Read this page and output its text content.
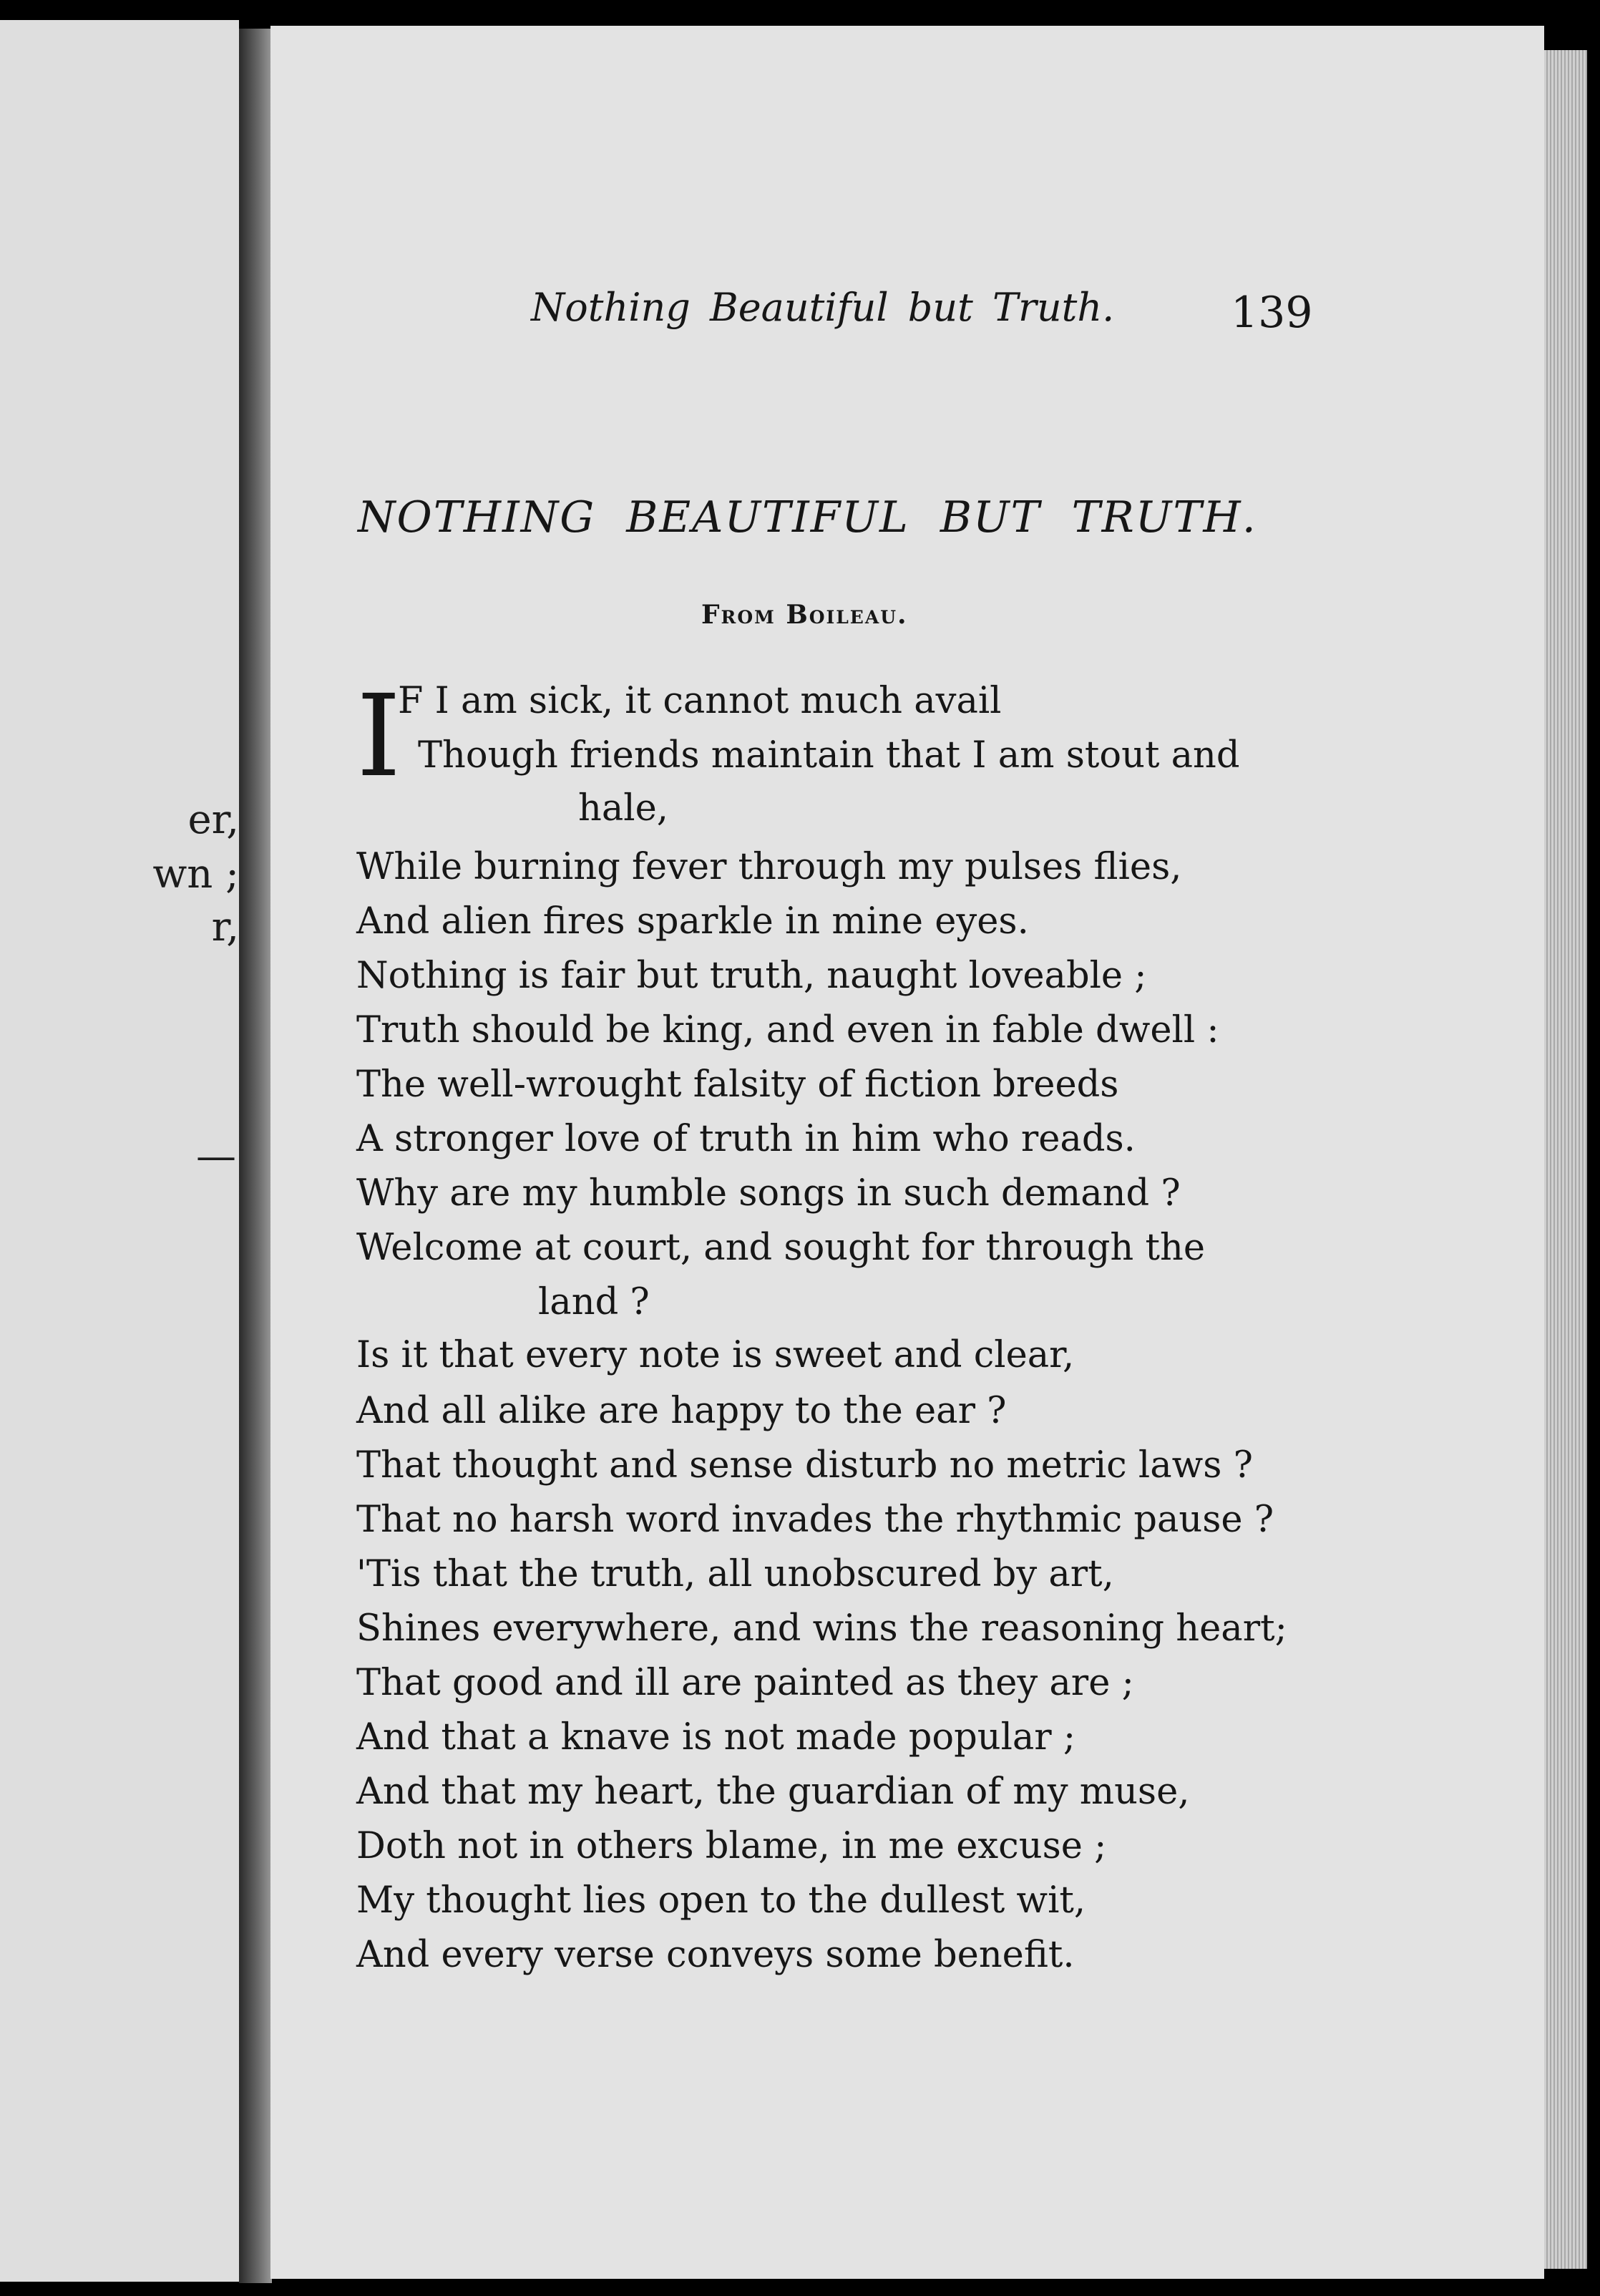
er,
wn ;
r,
—
Nothing Beautiful but Truth.	139
NOTHING BEAUTIFUL BUT TRUTH.
From Boileau.
I
F I am sick, it cannot much avail
Though friends maintain that I am stout and
hale,
While burning fever through my pulses flies,
And alien fires sparkle in mine eyes.
Nothing is fair but truth, naught loveable ;
Truth should be king, and even in fable dwell :
The well-wrought falsity of fiction breeds
A stronger love of truth in him who reads.
Why are my humble songs in such demand ?
Welcome at court, and sought for through the
land ?
Is it that every note is sweet and clear,
And all alike are happy to the ear ?
That thought and sense disturb no metric laws ?
That no harsh word invades the rhythmic pause ?
'Tis that the truth, all unobscured by art,
Shines everywhere, and wins the reasoning heart;
That good and ill are painted as they are ;
And that a knave is not made popular ;
And that my heart, the guardian of my muse,
Doth not in others blame, in me excuse ;
My thought lies open to the dullest wit,
And every verse conveys some benefit.
